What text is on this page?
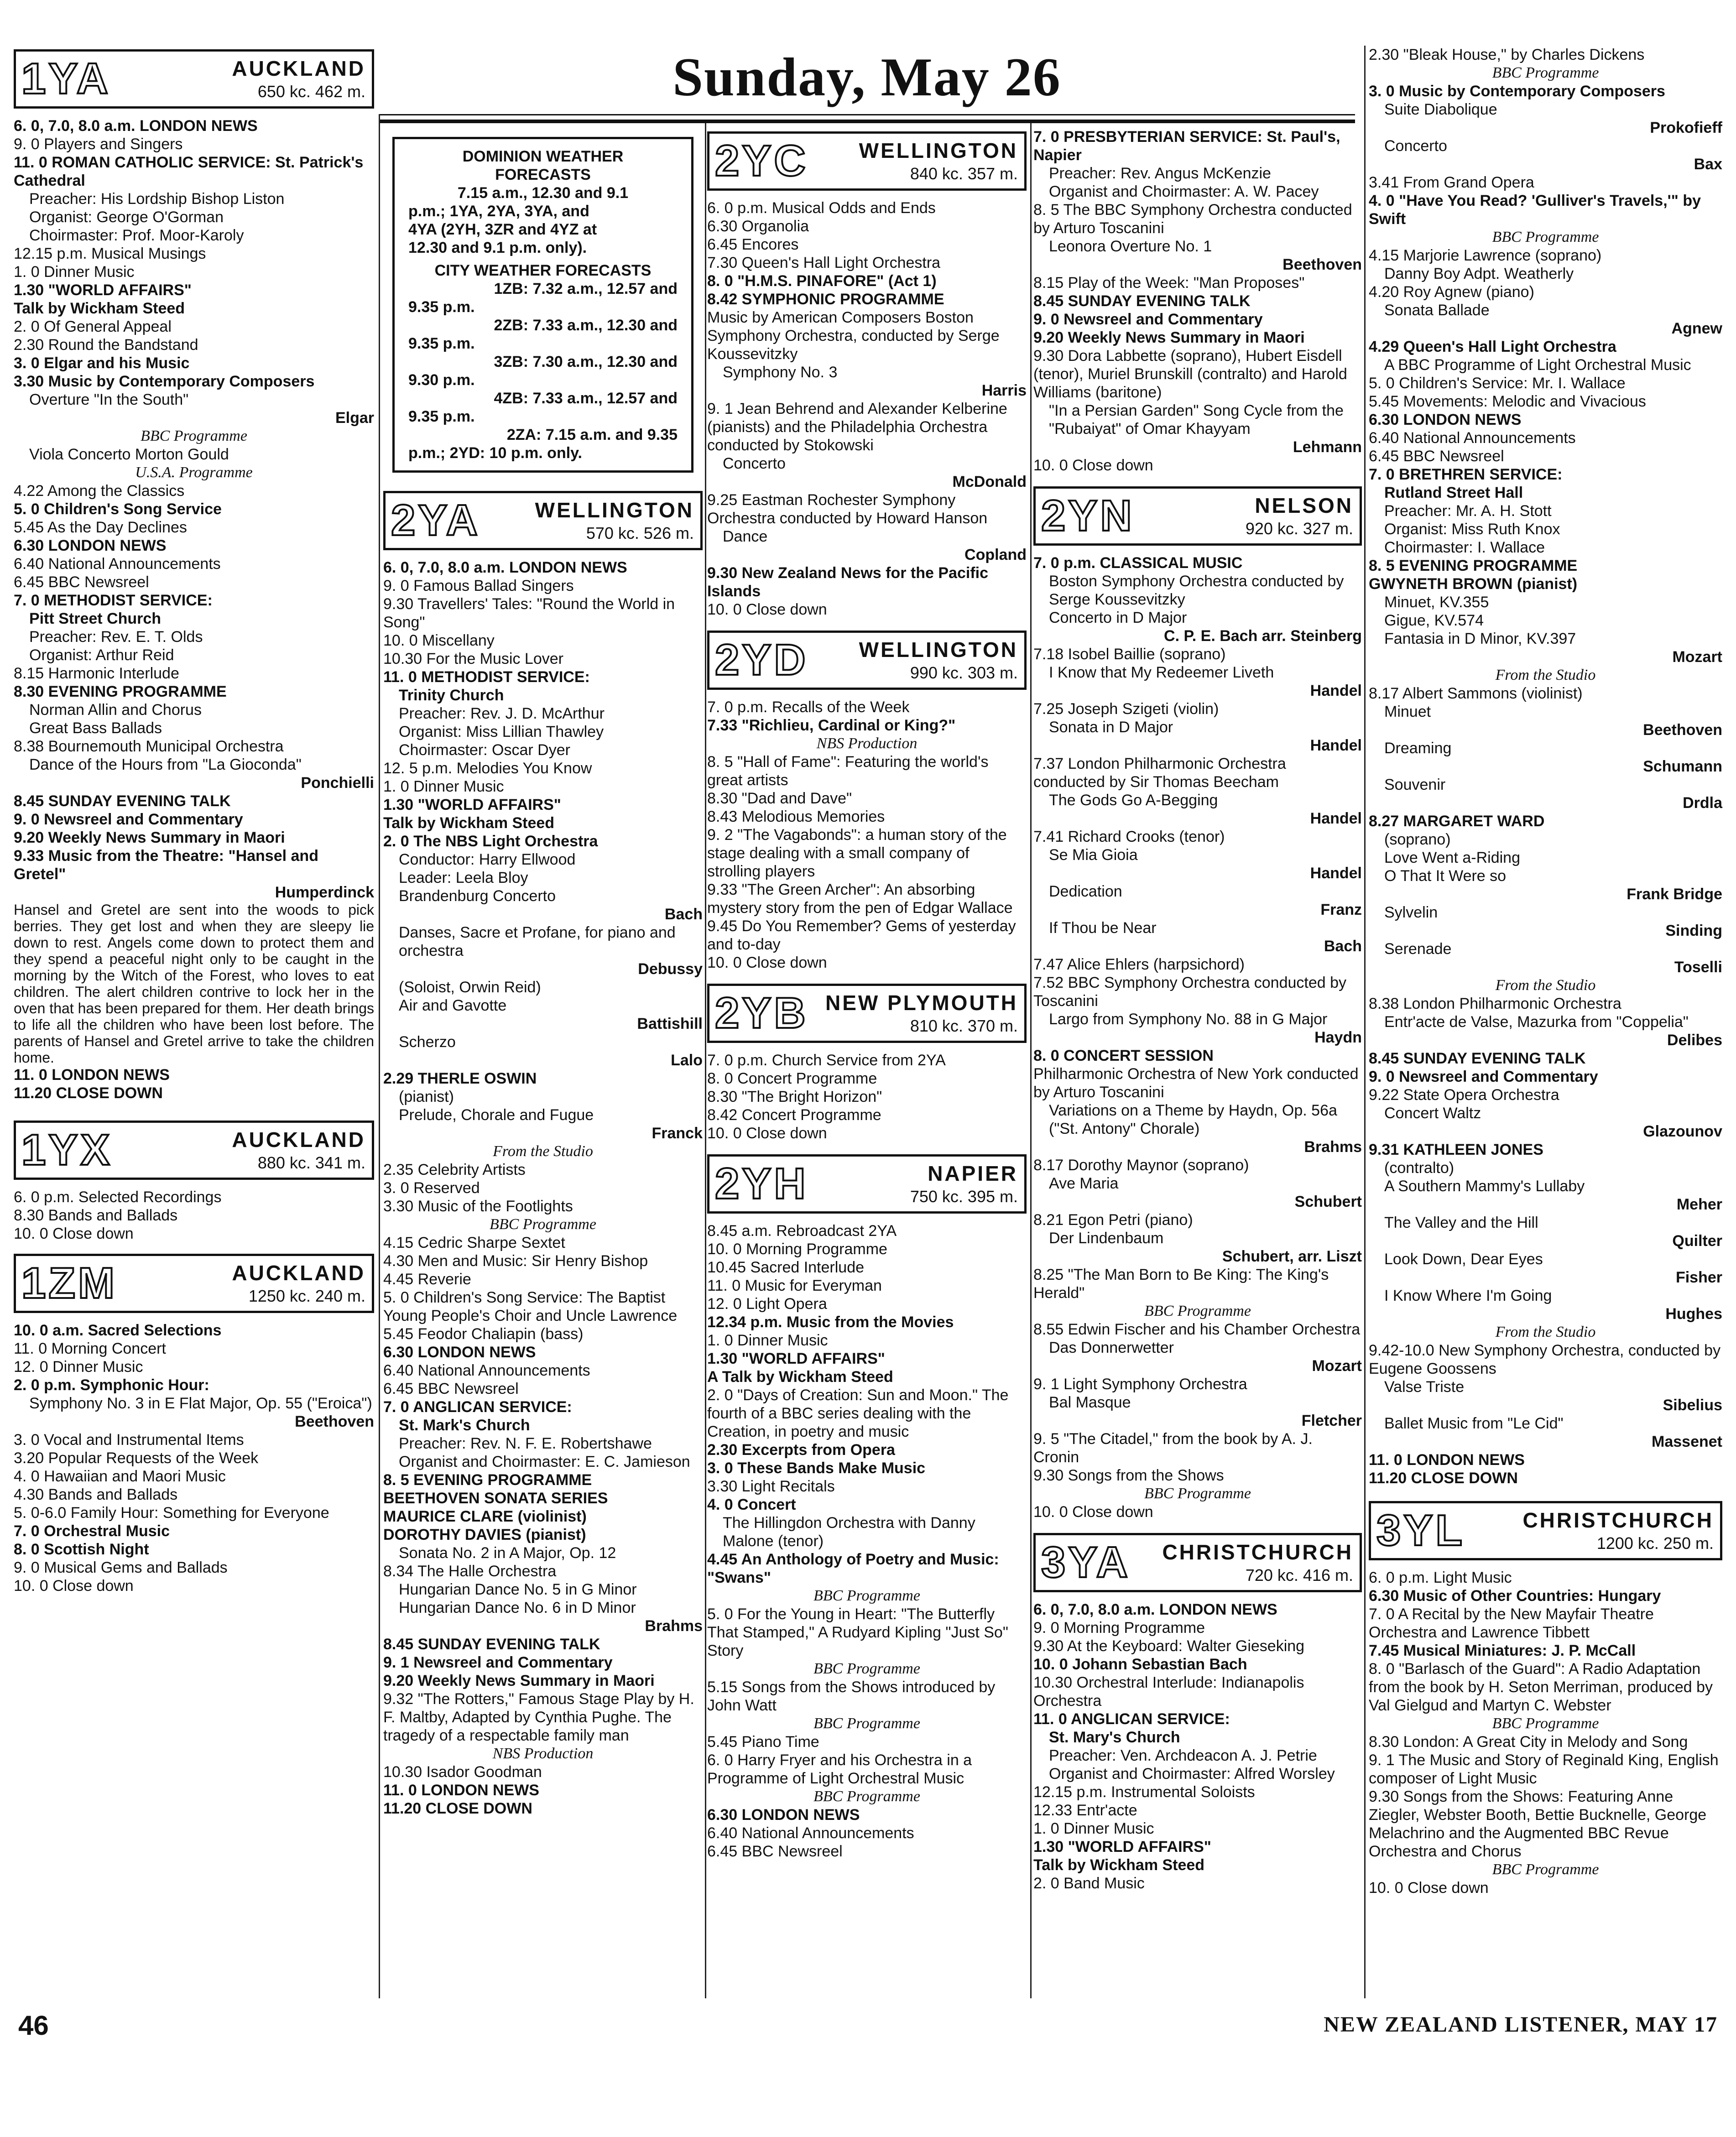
Sunday, May 26
1YA	AUCKLAND
650 kc. 462 m.
6. 0, 7.0, 8.0 a.m. LONDON NEWS
9. 0 Players and Singers
11. 0 ROMAN CATHOLIC SERVICE: St. Patrick's Cathedral
Preacher: His Lordship Bishop Liston
Organist: George O'Gorman
Choirmaster: Prof. Moor-Karoly
12.15 p.m. Musical Musings
1. 0 Dinner Music
1.30 "WORLD AFFAIRS"
Talk by Wickham Steed
2. 0 Of General Appeal
2.30 Round the Bandstand
3. 0 Elgar and his Music
3.30 Music by Contemporary Composers
Overture "In the South"
Elgar
BBC Programme
Viola Concerto Morton Gould
U.S.A. Programme
4.22 Among the Classics
5. 0 Children's Song Service
5.45 As the Day Declines
6.30 LONDON NEWS
6.40 National Announcements
6.45 BBC Newsreel
7. 0 METHODIST SERVICE:
Pitt Street Church
Preacher: Rev. E. T. Olds
Organist: Arthur Reid
8.15 Harmonic Interlude
8.30 EVENING PROGRAMME
Norman Allin and Chorus
Great Bass Ballads
8.38 Bournemouth Municipal Orchestra
Dance of the Hours from "La Gioconda"
Ponchielli
8.45 SUNDAY EVENING TALK
9. 0 Newsreel and Commentary
9.20 Weekly News Summary in Maori
9.33 Music from the Theatre: "Hansel and Gretel"
Humperdinck
Hansel and Gretel are sent into the woods to pick berries. They get lost and when they are sleepy lie down to rest. Angels come down to protect them and they spend a peaceful night only to be caught in the morning by the Witch of the Forest, who loves to eat children. The alert children contrive to lock her in the oven that has been prepared for them. Her death brings to life all the children who have been lost before. The parents of Hansel and Gretel arrive to take the children home.
11. 0 LONDON NEWS
11.20 CLOSE DOWN
1YX	AUCKLAND
880 kc. 341 m.
6. 0 p.m. Selected Recordings
8.30 Bands and Ballads
10. 0 Close down
1ZM	AUCKLAND
1250 kc. 240 m.
10. 0 a.m. Sacred Selections
11. 0 Morning Concert
12. 0 Dinner Music
2. 0 p.m. Symphonic Hour:
Symphony No. 3 in E Flat Major, Op. 55 ("Eroica")
Beethoven
3. 0 Vocal and Instrumental Items
3.20 Popular Requests of the Week
4. 0 Hawaiian and Maori Music
4.30 Bands and Ballads
5. 0-6.0 Family Hour: Something for Everyone
7. 0 Orchestral Music
8. 0 Scottish Night
9. 0 Musical Gems and Ballads
10. 0 Close down
DOMINION WEATHER
FORECASTS
7.15 a.m., 12.30 and 9.1
p.m.; 1YA, 2YA, 3YA, and
4YA (2YH, 3ZR and 4YZ at
12.30 and 9.1 p.m. only).
CITY WEATHER FORECASTS
1ZB: 7.32 a.m., 12.57 and
9.35 p.m.
2ZB: 7.33 a.m., 12.30 and
9.35 p.m.
3ZB: 7.30 a.m., 12.30 and
9.30 p.m.
4ZB: 7.33 a.m., 12.57 and
9.35 p.m.
2ZA: 7.15 a.m. and 9.35
p.m.; 2YD: 10 p.m. only.
2YA	WELLINGTON
570 kc. 526 m.
6. 0, 7.0, 8.0 a.m. LONDON NEWS
9. 0 Famous Ballad Singers
9.30 Travellers' Tales: "Round the World in Song"
10. 0 Miscellany
10.30 For the Music Lover
11. 0 METHODIST SERVICE:
Trinity Church
Preacher: Rev. J. D. McArthur
Organist: Miss Lillian Thawley
Choirmaster: Oscar Dyer
12. 5 p.m. Melodies You Know
1. 0 Dinner Music
1.30 "WORLD AFFAIRS"
Talk by Wickham Steed
2. 0 The NBS Light Orchestra
Conductor: Harry Ellwood
Leader: Leela Bloy
Brandenburg Concerto
Bach
Danses, Sacre et Profane, for piano and orchestra
Debussy
(Soloist, Orwin Reid)
Air and Gavotte
Battishill
Scherzo
Lalo
2.29 THERLE OSWIN
(pianist)
Prelude, Chorale and Fugue
Franck
From the Studio
2.35 Celebrity Artists
3. 0 Reserved
3.30 Music of the Footlights
BBC Programme
4.15 Cedric Sharpe Sextet
4.30 Men and Music: Sir Henry Bishop
4.45 Reverie
5. 0 Children's Song Service: The Baptist Young People's Choir and Uncle Lawrence
5.45 Feodor Chaliapin (bass)
6.30 LONDON NEWS
6.40 National Announcements
6.45 BBC Newsreel
7. 0 ANGLICAN SERVICE:
St. Mark's Church
Preacher: Rev. N. F. E. Robertshawe
Organist and Choirmaster: E. C. Jamieson
8. 5 EVENING PROGRAMME
BEETHOVEN SONATA SERIES
MAURICE CLARE (violinist)
DOROTHY DAVIES (pianist)
Sonata No. 2 in A Major, Op. 12
8.34 The Halle Orchestra
Hungarian Dance No. 5 in G Minor
Hungarian Dance No. 6 in D Minor
Brahms
8.45 SUNDAY EVENING TALK
9. 1 Newsreel and Commentary
9.20 Weekly News Summary in Maori
9.32 "The Rotters," Famous Stage Play by H. F. Maltby, Adapted by Cynthia Pughe. The tragedy of a respectable family man
NBS Production
10.30 Isador Goodman
11. 0 LONDON NEWS
11.20 CLOSE DOWN
2YC WELLINGTON
840 kc. 357 m.
6. 0 p.m. Musical Odds and Ends
6.30 Organolia
6.45 Encores
7.30 Queen's Hall Light Orchestra
8. 0 "H.M.S. PINAFORE" (Act 1)
8.42 SYMPHONIC PROGRAMME
Music by American Composers Boston Symphony Orchestra, conducted by Serge Koussevitzky
Symphony No. 3
Harris
9. 1 Jean Behrend and Alexander Kelberine (pianists) and the Philadelphia Orchestra conducted by Stokowski
Concerto
McDonald
9.25 Eastman Rochester Symphony Orchestra conducted by Howard Hanson
Dance
Copland
9.30 New Zealand News for the Pacific Islands
10. 0 Close down
2YD WELLINGTON
990 kc. 303 m.
7. 0 p.m. Recalls of the Week
7.33 "Richlieu, Cardinal or King?"
NBS Production
8. 5 "Hall of Fame": Featuring the world's great artists
8.30 "Dad and Dave"
8.43 Melodious Memories
9. 2 "The Vagabonds": a human story of the stage dealing with a small company of strolling players
9.33 "The Green Archer": An absorbing mystery story from the pen of Edgar Wallace
9.45 Do You Remember? Gems of yesterday and to-day
10. 0 Close down
2YB NEW PLYMOUTH
810 kc. 370 m.
7. 0 p.m. Church Service from 2YA
8. 0 Concert Programme
8.30 "The Bright Horizon"
8.42 Concert Programme
10. 0 Close down
2YH	NAPIER
750 kc. 395 m.
8.45 a.m. Rebroadcast 2YA
10. 0 Morning Programme
10.45 Sacred Interlude
11. 0 Music for Everyman
12. 0 Light Opera
12.34 p.m. Music from the Movies
1. 0 Dinner Music
1.30 "WORLD AFFAIRS"
A Talk by Wickham Steed
2. 0 "Days of Creation: Sun and Moon." The fourth of a BBC series dealing with the Creation, in poetry and music
2.30 Excerpts from Opera
3. 0 These Bands Make Music
3.30 Light Recitals
4. 0 Concert
The Hillingdon Orchestra with Danny Malone (tenor)
4.45 An Anthology of Poetry and Music: "Swans"
BBC Programme
5. 0 For the Young in Heart: "The Butterfly That Stamped," A Rudyard Kipling "Just So" Story
BBC Programme
5.15 Songs from the Shows introduced by John Watt
BBC Programme
5.45 Piano Time
6. 0 Harry Fryer and his Orchestra in a Programme of Light Orchestral Music
BBC Programme
6.30 LONDON NEWS
6.40 National Announcements
6.45 BBC Newsreel
7. 0 PRESBYTERIAN SERVICE: St. Paul's, Napier
Preacher: Rev. Angus McKenzie
Organist and Choirmaster: A. W. Pacey
8. 5 The BBC Symphony Orchestra conducted by Arturo Toscanini
Leonora Overture No. 1
Beethoven
8.15 Play of the Week: "Man Proposes"
8.45 SUNDAY EVENING TALK
9. 0 Newsreel and Commentary
9.20 Weekly News Summary in Maori
9.30 Dora Labbette (soprano), Hubert Eisdell (tenor), Muriel Brunskill (contralto) and Harold Williams (baritone)
"In a Persian Garden" Song Cycle from the "Rubaiyat" of Omar Khayyam
Lehmann
10. 0 Close down
2YN	NELSON
920 kc. 327 m.
7. 0 p.m. CLASSICAL MUSIC
Boston Symphony Orchestra conducted by Serge Koussevitzky
Concerto in D Major
C. P. E. Bach arr. Steinberg
7.18 Isobel Baillie (soprano)
I Know that My Redeemer Liveth
Handel
7.25 Joseph Szigeti (violin)
Sonata in D Major
Handel
7.37 London Philharmonic Orchestra conducted by Sir Thomas Beecham
The Gods Go A-Begging
Handel
7.41 Richard Crooks (tenor)
Se Mia Gioia
Handel
Dedication
Franz
If Thou be Near
Bach
7.47 Alice Ehlers (harpsichord)
7.52 BBC Symphony Orchestra conducted by Toscanini
Largo from Symphony No. 88 in G Major
Haydn
8. 0 CONCERT SESSION
Philharmonic Orchestra of New York conducted by Arturo Toscanini
Variations on a Theme by Haydn, Op. 56a ("St. Antony" Chorale)
Brahms
8.17 Dorothy Maynor (soprano)
Ave Maria
Schubert
8.21 Egon Petri (piano)
Der Lindenbaum
Schubert, arr. Liszt
8.25 "The Man Born to Be King: The King's Herald"
BBC Programme
8.55 Edwin Fischer and his Chamber Orchestra
Das Donnerwetter
Mozart
9. 1 Light Symphony Orchestra
Bal Masque
Fletcher
9. 5 "The Citadel," from the book by A. J. Cronin
9.30 Songs from the Shows
BBC Programme
10. 0 Close down
3YA CHRISTCHURCH
720 kc. 416 m.
6. 0, 7.0, 8.0 a.m. LONDON NEWS
9. 0 Morning Programme
9.30 At the Keyboard: Walter Gieseking
10. 0 Johann Sebastian Bach
10.30 Orchestral Interlude: Indianapolis Orchestra
11. 0 ANGLICAN SERVICE:
St. Mary's Church
Preacher: Ven. Archdeacon A. J. Petrie
Organist and Choirmaster: Alfred Worsley
12.15 p.m. Instrumental Soloists
12.33 Entr'acte
1. 0 Dinner Music
1.30 "WORLD AFFAIRS"
Talk by Wickham Steed
2. 0 Band Music
2.30 "Bleak House," by Charles Dickens
BBC Programme
3. 0 Music by Contemporary Composers
Suite Diabolique
Prokofieff
Concerto
Bax
3.41 From Grand Opera
4. 0 "Have You Read? 'Gulliver's Travels,'" by Swift
BBC Programme
4.15 Marjorie Lawrence (soprano)
Danny Boy Adpt. Weatherly
4.20 Roy Agnew (piano)
Sonata Ballade
Agnew
4.29 Queen's Hall Light Orchestra
A BBC Programme of Light Orchestral Music
5. 0 Children's Service: Mr. I. Wallace
5.45 Movements: Melodic and Vivacious
6.30 LONDON NEWS
6.40 National Announcements
6.45 BBC Newsreel
7. 0 BRETHREN SERVICE:
Rutland Street Hall
Preacher: Mr. A. H. Stott
Organist: Miss Ruth Knox
Choirmaster: I. Wallace
8. 5 EVENING PROGRAMME
GWYNETH BROWN (pianist)
Minuet, KV.355
Gigue, KV.574
Fantasia in D Minor, KV.397
Mozart
From the Studio
8.17 Albert Sammons (violinist)
Minuet
Beethoven
Dreaming
Schumann
Souvenir
Drdla
8.27 MARGARET WARD
(soprano)
Love Went a-Riding
O That It Were so
Frank Bridge
Sylvelin
Sinding
Serenade
Toselli
From the Studio
8.38 London Philharmonic Orchestra
Entr'acte de Valse, Mazurka from "Coppelia"
Delibes
8.45 SUNDAY EVENING TALK
9. 0 Newsreel and Commentary
9.22 State Opera Orchestra
Concert Waltz
Glazounov
9.31 KATHLEEN JONES
(contralto)
A Southern Mammy's Lullaby
Meher
The Valley and the Hill
Quilter
Look Down, Dear Eyes
Fisher
I Know Where I'm Going
Hughes
From the Studio
9.42-10.0 New Symphony Orchestra, conducted by Eugene Goossens
Valse Triste
Sibelius
Ballet Music from "Le Cid"
Massenet
11. 0 LONDON NEWS
11.20 CLOSE DOWN
3YL	CHRISTCHURCH
1200 kc. 250 m.
6. 0 p.m. Light Music
6.30 Music of Other Countries: Hungary
7. 0 A Recital by the New Mayfair Theatre Orchestra and Lawrence Tibbett
7.45 Musical Miniatures: J. P. McCall
8. 0 "Barlasch of the Guard": A Radio Adaptation from the book by H. Seton Merriman, produced by Val Gielgud and Martyn C. Webster
BBC Programme
8.30 London: A Great City in Melody and Song
9. 1 The Music and Story of Reginald King, English composer of Light Music
9.30 Songs from the Shows: Featuring Anne Ziegler, Webster Booth, Bettie Bucknelle, George Melachrino and the Augmented BBC Revue Orchestra and Chorus
BBC Programme
10. 0 Close down
46	NEW ZEALAND LISTENER, MAY 17
